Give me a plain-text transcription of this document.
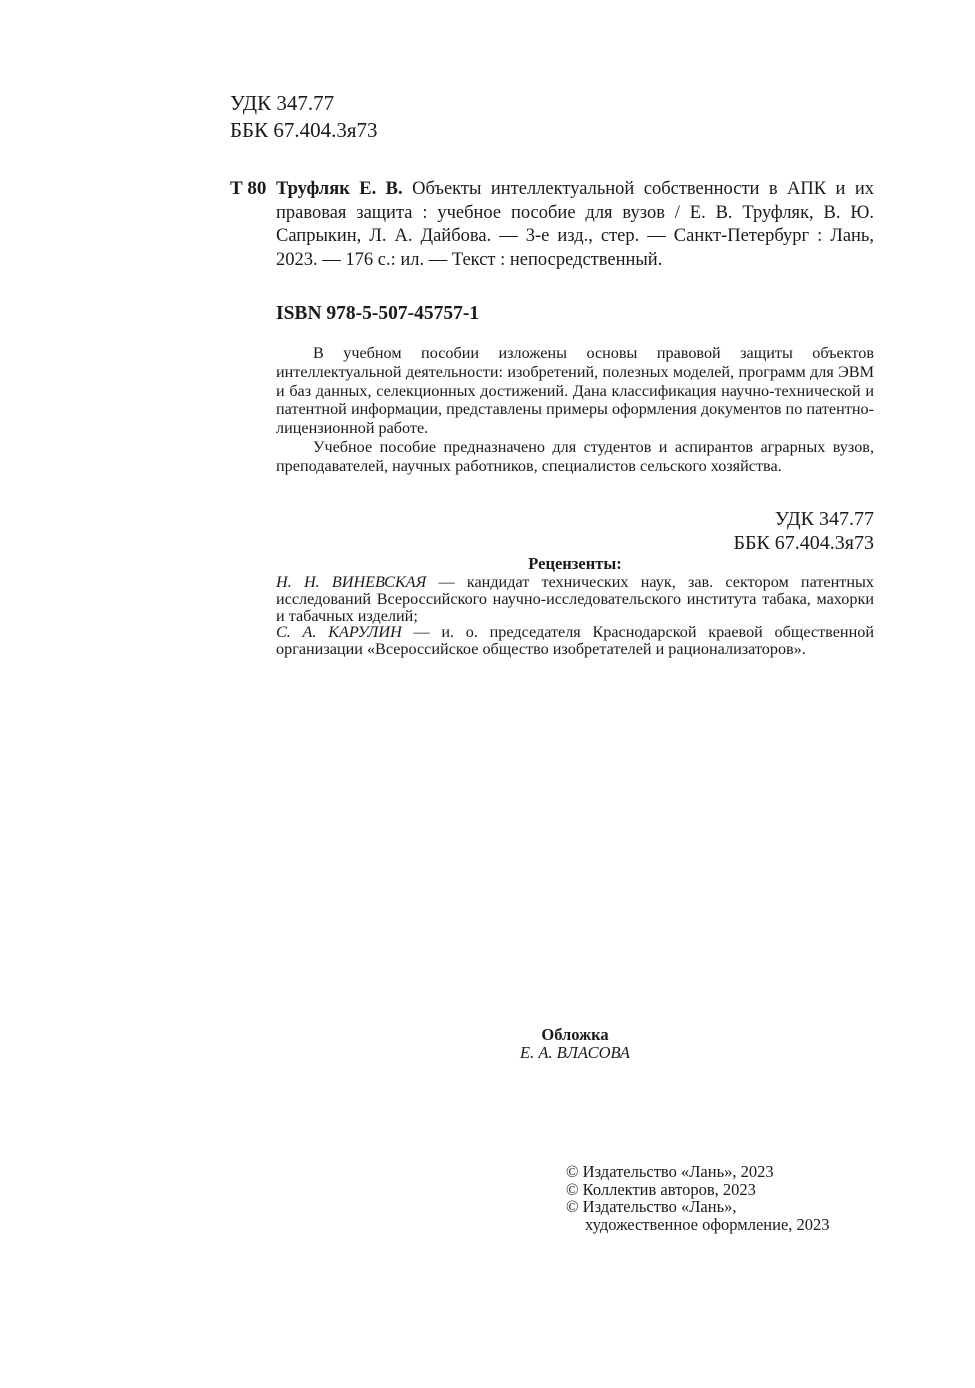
УДК 347.77
ББК 67.404.3я73
Т 80 Труфляк Е. В. Объекты интеллектуальной собственности в АПК и их правовая защита : учебное пособие для вузов / Е. В. Труфляк, В. Ю. Сапрыкин, Л. А. Дайбова. — 3-е изд., стер. — Санкт-Петербург : Лань, 2023. — 176 с.: ил. — Текст : непосредственный.
ISBN 978-5-507-45757-1

В учебном пособии изложены основы правовой защиты объектов интеллектуальной деятельности: изобретений, полезных моделей, программ для ЭВМ и баз данных, селекционных достижений. Дана классификация научно-технической и патентной информации, представлены примеры оформления документов по патентно-лицензионной работе.

Учебное пособие предназначено для студентов и аспирантов аграрных вузов, преподавателей, научных работников, специалистов сельского хозяйства.

УДК 347.77
ББК 67.404.3я73
Рецензенты:

Н. Н. ВИНЕВСКАЯ — кандидат технических наук, зав. сектором патентных исследований Всероссийского научно-исследовательского института табака, махорки и табачных изделий;

С. А. КАРУЛИН — и. о. председателя Краснодарской краевой общественной организации «Всероссийское общество изобретателей и рационализаторов».

Обложка
Е. А. ВЛАСОВА
© Издательство «Лань», 2023
© Коллектив авторов, 2023
© Издательство «Лань»,
художественное оформление, 2023
